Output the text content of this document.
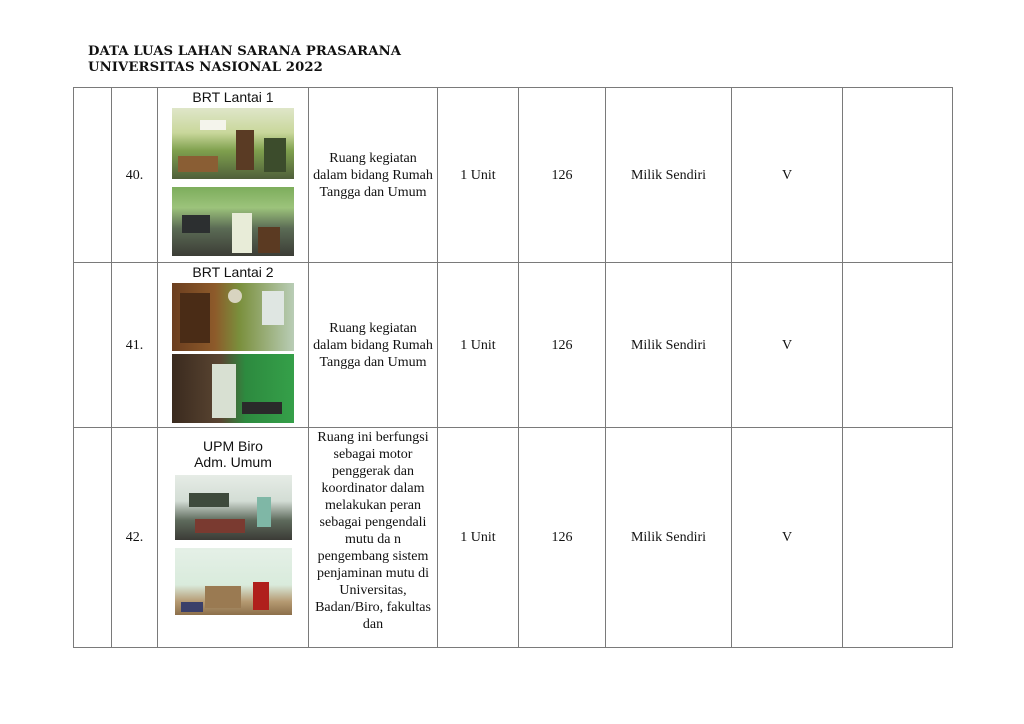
DATA LUAS LAHAN SARANA PRASARANA
UNIVERSITAS NASIONAL 2022
	40.	BRT Lantai 1	Ruang kegiatan dalam bidang Rumah Tangga dan Umum	1 Unit	126	Milik Sendiri	V	
	41.	BRT Lantai 2	Ruang kegiatan dalam bidang Rumah Tangga dan Umum	1 Unit	126	Milik Sendiri	V	
	42.	UPM Biro Adm. Umum	Ruang ini berfungsi sebagai motor penggerak dan koordinator dalam melakukan peran sebagai pengendali mutu da n pengembang sistem penjaminan mutu di Universitas, Badan/Biro, fakultas dan	1 Unit	126	Milik Sendiri	V	
